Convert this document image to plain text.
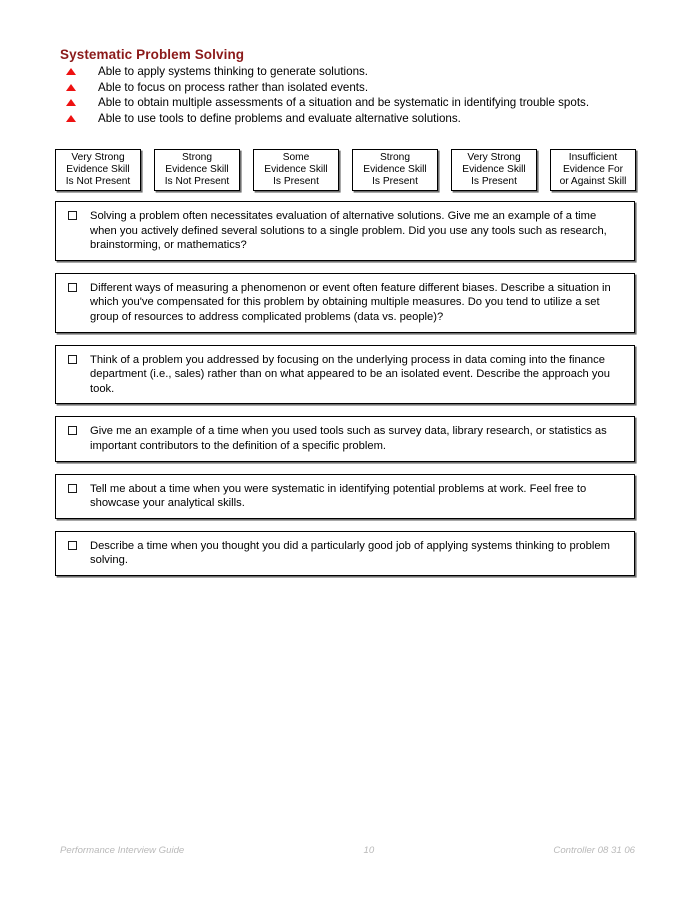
Systematic Problem Solving
Able to apply systems thinking to generate solutions.
Able to focus on process rather than isolated events.
Able to obtain multiple assessments of a situation and be systematic in identifying trouble spots.
Able to use tools to define problems and evaluate alternative solutions.
Very Strong
Evidence Skill
Is Not Present
Strong
Evidence Skill
Is Not Present
Some
Evidence Skill
Is Present
Strong
Evidence Skill
Is Present
Very Strong
Evidence Skill
Is Present
Insufficient
Evidence For
or Against Skill
Solving a problem often necessitates evaluation of alternative solutions. Give me an example of a time when you actively defined several solutions to a single problem. Did you use any tools such as research, brainstorming, or mathematics?
Different ways of measuring a phenomenon or event often feature different biases. Describe a situation in which you've compensated for this problem by obtaining multiple measures. Do you tend to utilize a set group of resources to address complicated problems (data vs. people)?
Think of a problem you addressed by focusing on the underlying process in data coming into the finance department (i.e., sales) rather than on what appeared to be an isolated event. Describe the approach you took.
Give me an example of a time when you used tools such as survey data, library research, or statistics as important contributors to the definition of a specific problem.
Tell me about a time when you were systematic in identifying potential problems at work. Feel free to showcase your analytical skills.
Describe a time when you thought you did a particularly good job of applying systems thinking to problem solving.
Performance Interview Guide	10	Controller 08 31 06
